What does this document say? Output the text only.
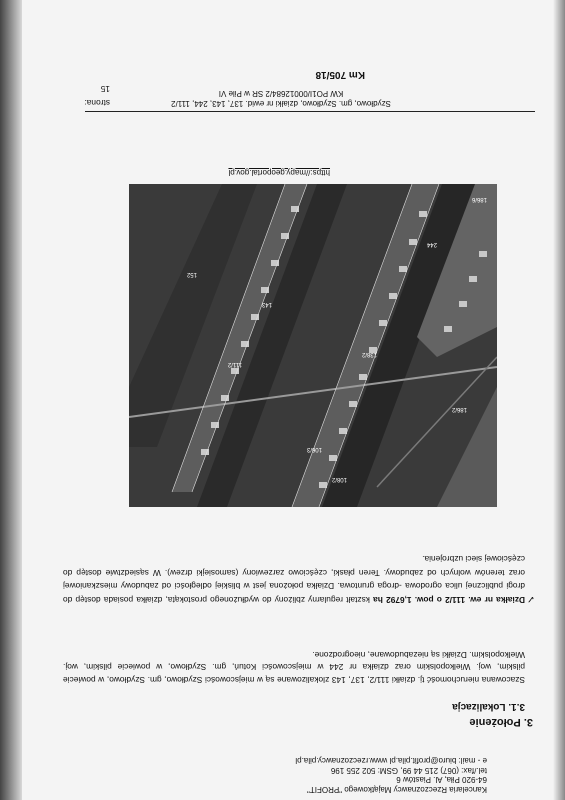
Kancelaria Rzeczoznawcy Majątkowego "PROFIT"
64-920 Piła, Al. Piastów 6
tel./fax: (067) 215 44 99, GSM: 502 255 196
e - mail: biuro@profit.pila.pl www.rzeczoznawcy.pila.pl
3. Położenie
3.1. Lokalizacja
Szacowana nieruchomość tj. działki 111/2, 137, 143 zlokalizowane są w miejscowości Szydłowo, gm. Szydłowo, w powiecie pilskim, woj. Wielkopolskim oraz działka nr 244 w miejscowości Kotuń, gm. Szydłowo, w powiecie pilskim, woj. Wielkopolskim. Działki są niezabudowane, nieogrodzone.
✓
Działka nr ew. 111/2 o pow. 1,6792 ha kształt regularny zbliżony do wydłużonego prostokąta, działka posiada dostęp do drogi publicznej ulica ogrodowa -droga gruntowa. Działka położona jest w bliskiej odległości od zabudowy mieszkaniowej oraz terenów wolnych od zabudowy. Teren płaski, częściowo zarzewiony (samosiejki drzew). W sąsiedztwie dostęp do częściowej sieci uzbrojenia.
138/2
111/2
186/2
152
106/3
143
244
108/2
186/6
https://mapy.geoportal.gov.pl
Szydłowo, gm. Szydłowo, działki nr ewid. 137, 143, 244, 111/2
KW PO1I/00012684/2 SR w Pile VI
strona:
15
Km 705/18
